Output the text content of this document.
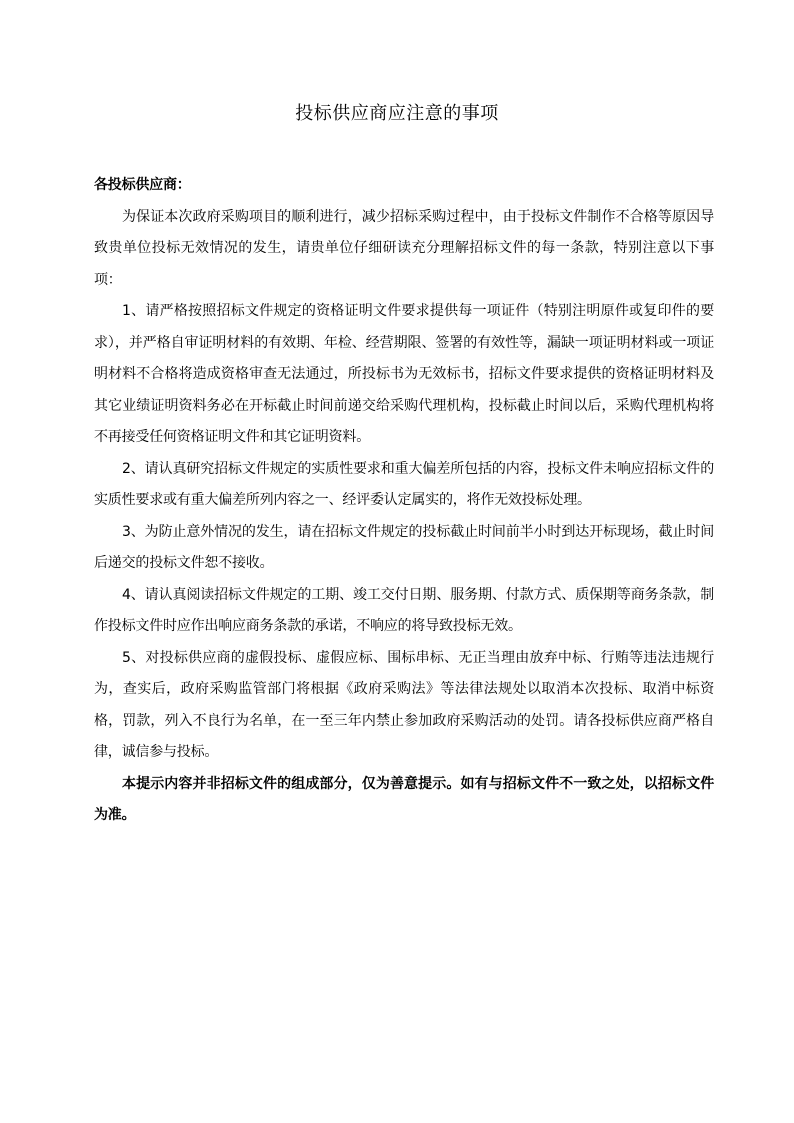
投标供应商应注意的事项

各投标供应商：

为保证本次政府采购项目的顺利进行，减少招标采购过程中，由于投标文件制作不合格等原因导致贵单位投标无效情况的发生，请贵单位仔细研读充分理解招标文件的每一条款，特别注意以下事项：

1、请严格按照招标文件规定的资格证明文件要求提供每一项证件（特别注明原件或复印件的要求），并严格自审证明材料的有效期、年检、经营期限、签署的有效性等，漏缺一项证明材料或一项证明材料不合格将造成资格审查无法通过，所投标书为无效标书，招标文件要求提供的资格证明材料及其它业绩证明资料务必在开标截止时间前递交给采购代理机构，投标截止时间以后，采购代理机构将不再接受任何资格证明文件和其它证明资料。

2、请认真研究招标文件规定的实质性要求和重大偏差所包括的内容，投标文件未响应招标文件的实质性要求或有重大偏差所列内容之一、经评委认定属实的，将作无效投标处理。

3、为防止意外情况的发生，请在招标文件规定的投标截止时间前半小时到达开标现场，截止时间后递交的投标文件恕不接收。

4、请认真阅读招标文件规定的工期、竣工交付日期、服务期、付款方式、质保期等商务条款，制作投标文件时应作出响应商务条款的承诺，不响应的将导致投标无效。

5、对投标供应商的虚假投标、虚假应标、围标串标、无正当理由放弃中标、行贿等违法违规行为，查实后，政府采购监管部门将根据《政府采购法》等法律法规处以取消本次投标、取消中标资格，罚款，列入不良行为名单，在一至三年内禁止参加政府采购活动的处罚。请各投标供应商严格自律，诚信参与投标。

本提示内容并非招标文件的组成部分，仅为善意提示。如有与招标文件不一致之处，以招标文件为准。
